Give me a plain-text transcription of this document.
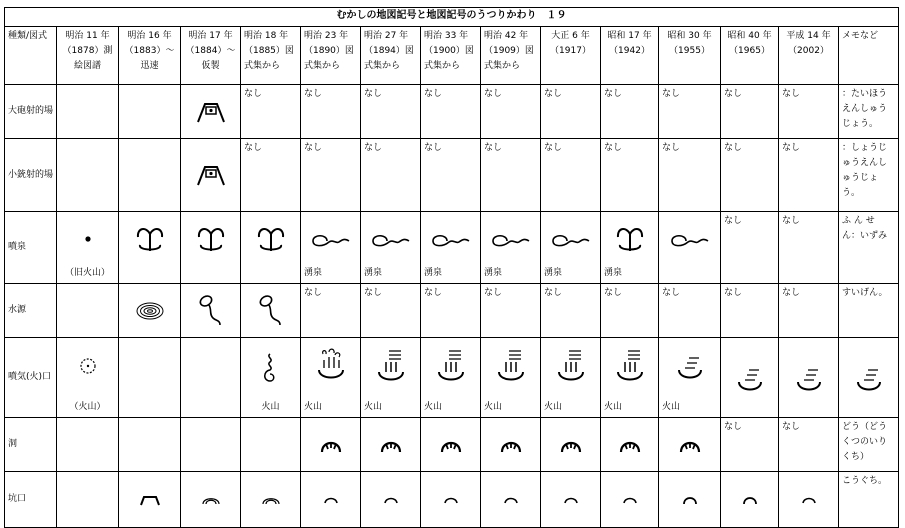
むかしの地図記号と地図記号のうつりかわり　１９															
種類/図式	明治 11 年（1878）測絵図譜	明治 16 年（1883）～迅速	明治 17 年（1884）～仮製	明治 18 年（1885）図式集から	明治 23 年（1890）図式集から	明治 27 年（1894）図式集から	明治 33 年（1900）図式集から	明治 42 年（1909）図式集から	大正 6 年（1917）	昭和 17 年（1942）	昭和 30 年（1955）	昭和 40 年（1965）	平成 14 年（2002）	メモなど	
大砲射的場				なし	なし	なし	なし	なし	なし	なし	なし	なし	なし	：たいほうえんしゅうじょう。	
小銃射的場				なし	なし	なし	なし	なし	なし	なし	なし	なし	なし	：しょうじゅうえんしゅうじょう。	
噴泉	（旧火山）				湧泉	湧泉	湧泉	湧泉	湧泉	湧泉		なし	なし	ふ ん せ ん：いずみ	
水源					なし	なし	なし	なし	なし	なし	なし	なし	なし	すいげん。	
噴気(火)口	（火山）			火山	火山	火山	火山	火山	火山	火山	火山

洞												なし	なし	どう（どうくつのいりくち）	
坑口														こうぐち。	
